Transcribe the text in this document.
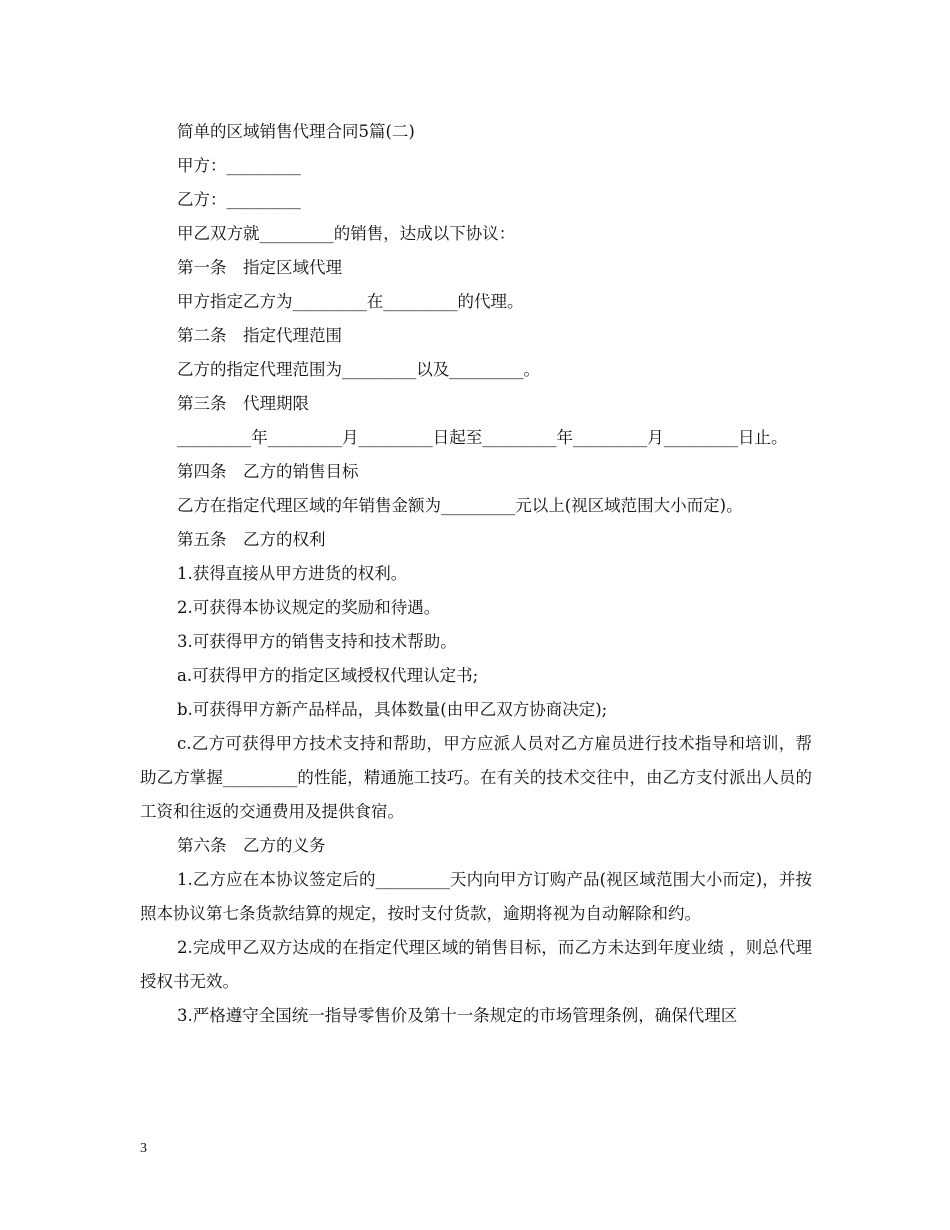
简单的区域销售代理合同5篇(二)

甲方：_________

乙方：_________

甲乙双方就_________的销售，达成以下协议：

第一条　指定区域代理

甲方指定乙方为_________在_________的代理。

第二条　指定代理范围

乙方的指定代理范围为_________以及_________。

第三条　代理期限

_________年_________月_________日起至_________年_________月_________日止。

第四条　乙方的销售目标

乙方在指定代理区域的年销售金额为_________元以上(视区域范围大小而定)。

第五条　乙方的权利

1.获得直接从甲方进货的权利。

2.可获得本协议规定的奖励和待遇。

3.可获得甲方的销售支持和技术帮助。

a.可获得甲方的指定区域授权代理认定书;

b.可获得甲方新产品样品，具体数量(由甲乙双方协商决定);

c.乙方可获得甲方技术支持和帮助，甲方应派人员对乙方雇员进行技术指导和培训，帮助乙方掌握_________的性能，精通施工技巧。在有关的技术交往中，由乙方支付派出人员的工资和往返的交通费用及提供食宿。

第六条　乙方的义务

1.乙方应在本协议签定后的_________天内向甲方订购产品(视区域范围大小而定)，并按照本协议第七条货款结算的规定，按时支付货款，逾期将视为自动解除和约。

2.完成甲乙双方达成的在指定代理区域的销售目标，而乙方未达到年度业绩 ，则总代理授权书无效。

3.严格遵守全国统一指导零售价及第十一条规定的市场管理条例，确保代理区

3
